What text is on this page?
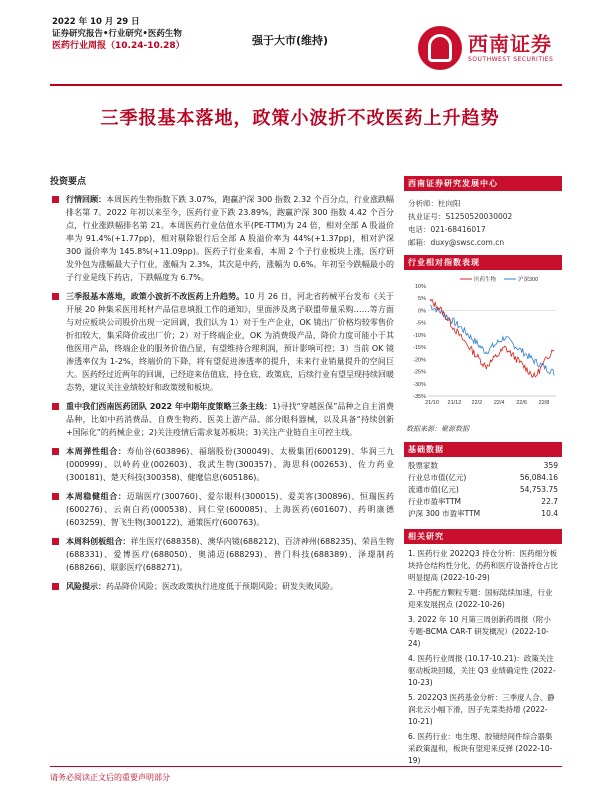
2022 年 10 月 29 日
证券研究报告•行业研究•医药生物
医药行业周报（10.24-10.28）	强于大市(维持)	西南证券
SOUTHWEST SECURITIES
三季报基本落地，政策小波折不改医药上升趋势
投资要点
行情回顾：本周医药生物指数下跌 3.07%，跑赢沪深 300 指数 2.32 个百分点，行业涨跌幅排名第 7。2022 年初以来至今，医药行业下跌 23.89%，跑赢沪深 300 指数 4.42 个百分点，行业涨跌幅排名第 21。本周医药行业估值水平(PE-TTM)为 24 倍，相对全部 A 股溢价率为 91.4%(+1.77pp)，相对剔除银行后全部 A 股溢价率为 44%(+1.37pp)，相对沪深 300 溢价率为 145.8%(+11.09pp)。医药子行业来看，本周 2 个子行业板块上涨，医疗研发外包为涨幅最大子行业，涨幅为 2.3%，其次是中药，涨幅为 0.6%。年初至今跌幅最小的子行业是线下药店，下跌幅度为 6.7%。
三季报基本落地，政策小波折不改医药上升趋势。10 月 26 日，河北省药械平台发布《关于开展 20 种集采医用耗材产品信息填报工作的通知》，里面涉及离子联盟带量采购……等方面与对应板块公司股价出现一定回调，我们认为 1）对于生产企业，OK 镜出厂价格均较零售价折扣较大，集采降价或出厂价；2）对于终端企业，OK 为消费级产品，降价力度可能小于其他医用产品，终端企业的服务价值凸显，有望维持合理利润，预计影响可控；3）当前 OK 镜渗透率仅为 1-2%，终端价的下降，将有望促进渗透率的提升，未来行业销量提升的空间巨大。医药经过近两年的回调，已经迎来估值底、持仓底、政策底，后续行业有望呈现持续回暖态势，建议关注业绩较好和政策缓和板块。
重中我们西南医药团队 2022 年中期年度策略三条主线：1)寻找“穿越医保”品种之自主消费品种，比如中药消费品、自费生物药、医美上游产品、部分眼科器械，以及具备“持续创新+国际化”的药械企业；2)关注疫情后需求复苏板块；3)关注产业链自主可控主线。
本周弹性组合：寿仙谷(603896)、福瑞股份(300049)、太极集团(600129)、华润三九(000999)、以岭药业(002603)、我武生物(300357)、海思科(002653)、佐力药业(300181)、楚天科技(300358)、健麾信息(605186)。
本周稳健组合：迈瑞医疗(300760)、爱尔眼科(300015)、爱美客(300896)、恒瑞医药(600276)、云南白药(000538)、同仁堂(600085)、上海医药(601607)、药明康德(603259)、智飞生物(300122)、通策医疗(600763)。
本周科创板组合：祥生医疗(688358)、澳华内镜(688212)、百济神州(688235)、荣昌生物(688331)、爱博医疗(688050)、奥浦迈(688293)、普门科技(688389)、泽璟制药(688266)、联影医疗(688271)。
风险提示：药品降价风险；医改政策执行进度低于预期风险；研发失败风险。
西南证券研究发展中心
分析师：杜向阳
执业证号：S1250520030002
电话：021-68416017
邮箱：duxy@swsc.com.cn
行业相对指数表现
10%
5%
0%
-5%
-10%
-15%
-20%
-25%
-30%
-35%
21/10 21/12 22/2 22/4 22/6 22/8
医药生物	沪深300
数据来源：聚源数据
基础数据
股票家数	359
行业总市值(亿元)	56,084.16
流通市值(亿元)	54,753.75
行业市盈率TTM	22.7
沪深 300 市盈率TTM	10.4
相关研究
1. 医药行业 2022Q3 持仓分析：医药细分板块持仓结构性分化，仍药和医疗设备持仓占比明显提高 (2022-10-29)
2. 中药配方颗粒专题：国标陆续加速，行业迎来发展拐点 (2022-10-26)
3. 2022 年 10 月第三周创新药周报（附小专题-BCMA CAR-T 研发概况）(2022-10-24)
4. 医药行业周报 (10.17-10.21)：政策关注驱动板块回暖，关注 Q3 业绩确定性 (2022-10-23)
5. 2022Q3 医药基金分析：三季度人合、静润北云小幅下滑，因子先菜类持增 (2022-10-21)
6. 医药行业：电生理、胶镜经间件综合器集采政策温和，板块有望迎来反弹 (2022-10-19)
请务必阅读正文后的重要声明部分
